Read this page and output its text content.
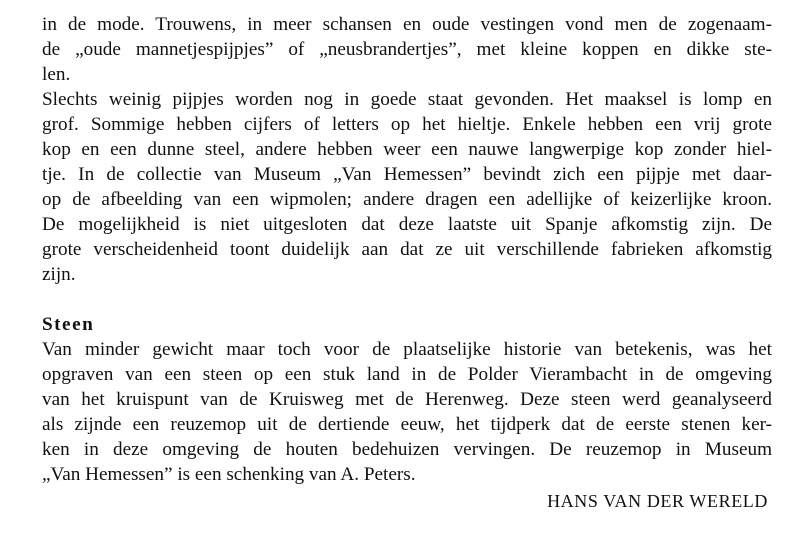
in de mode. Trouwens, in meer schansen en oude vestingen vond men de zogenaam-
de „oude mannetjespijpjes” of „neusbrandertjes”, met kleine koppen en dikke ste-
len.
Slechts weinig pijpjes worden nog in goede staat gevonden. Het maaksel is lomp en
grof. Sommige hebben cijfers of letters op het hieltje. Enkele hebben een vrij grote
kop en een dunne steel, andere hebben weer een nauwe langwerpige kop zonder hiel-
tje. In de collectie van Museum „Van Hemessen” bevindt zich een pijpje met daar-
op de afbeelding van een wipmolen; andere dragen een adellijke of keizerlijke kroon.
De mogelijkheid is niet uitgesloten dat deze laatste uit Spanje afkomstig zijn. De
grote verscheidenheid toont duidelijk aan dat ze uit verschillende fabrieken afkomstig
zijn.
Steen
Van minder gewicht maar toch voor de plaatselijke historie van betekenis, was het
opgraven van een steen op een stuk land in de Polder Vierambacht in de omgeving
van het kruispunt van de Kruisweg met de Herenweg. Deze steen werd geanalyseerd
als zijnde een reuzemop uit de dertiende eeuw, het tijdperk dat de eerste stenen ker-
ken in deze omgeving de houten bedehuizen vervingen. De reuzemop in Museum
„Van Hemessen” is een schenking van A. Peters.
HANS VAN DER WERELD
